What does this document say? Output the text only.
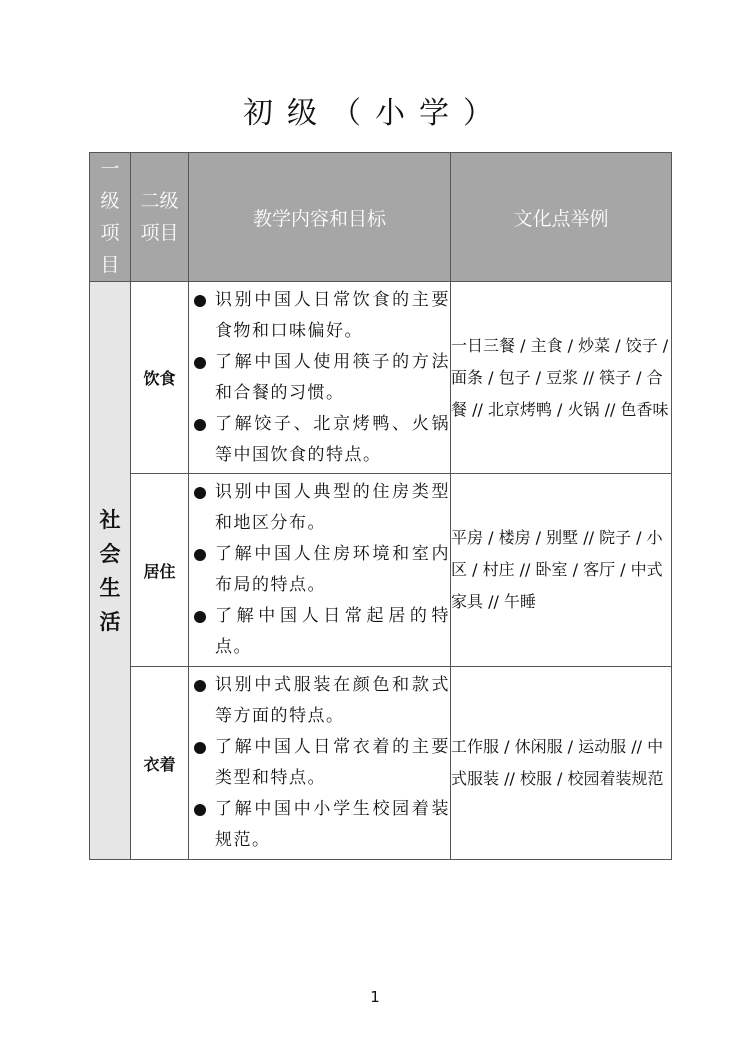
初级（小学）
一级项目	二级项目	教学内容和目标	文化点举例

社会生活	饮食	识别中国人日常饮食的主要食物和口味偏好。
了解中国人使用筷子的方法和合餐的习惯。
了解饺子、北京烤鸭、火锅等中国饮食的特点。	一日三餐 / 主食 / 炒菜 / 饺子 / 面条 / 包子 / 豆浆 // 筷子 / 合餐 // 北京烤鸭 / 火锅 // 色香味
	居住	识别中国人典型的住房类型和地区分布。
了解中国人住房环境和室内布局的特点。
了解中国人日常起居的特点。	平房 / 楼房 / 别墅 // 院子 / 小区 / 村庄 // 卧室 / 客厅 / 中式家具 // 午睡
	衣着	识别中式服装在颜色和款式等方面的特点。
了解中国人日常衣着的主要类型和特点。
了解中国中小学生校园着装规范。	工作服 / 休闲服 / 运动服 // 中式服装 // 校服 / 校园着装规范
1
